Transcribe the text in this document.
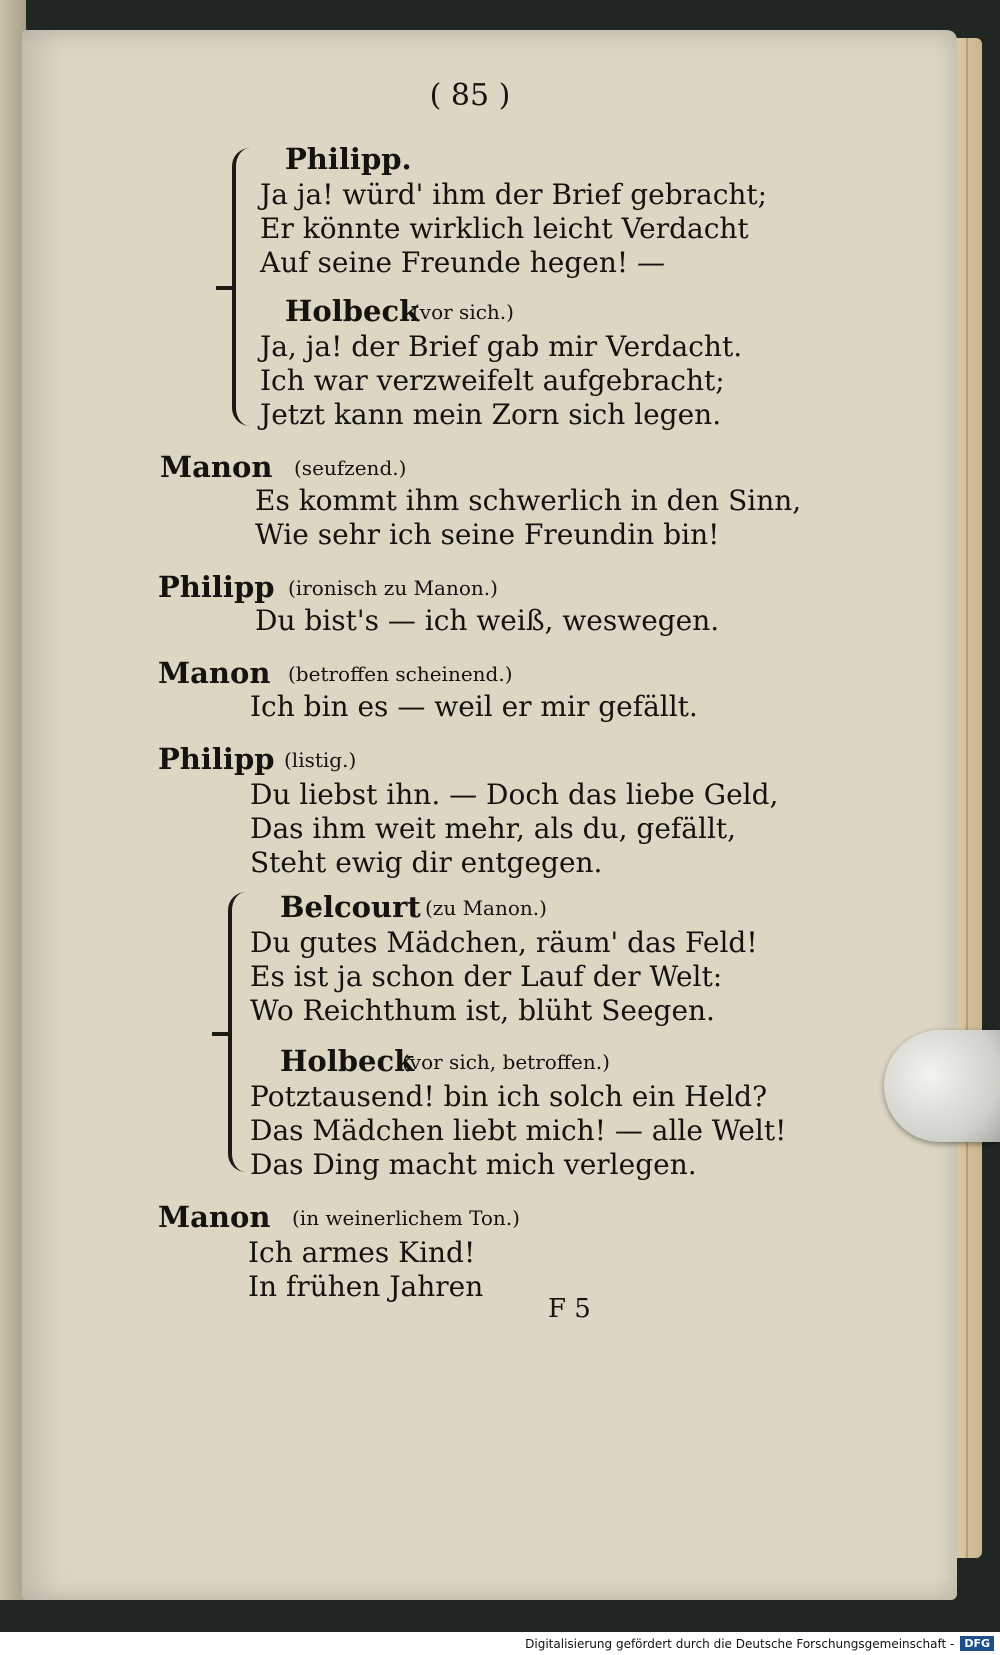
( 85 )
Philipp.
Ja ja! würd' ihm der Brief gebracht;
Er könnte wirklich leicht Verdacht
Auf seine Freunde hegen! —
Holbeck
(vor sich.)
Ja, ja! der Brief gab mir Verdacht.
Ich war verzweifelt aufgebracht;
Jetzt kann mein Zorn sich legen.
Manon (seufzend.)
Es kommt ihm schwerlich in den Sinn,
Wie sehr ich seine Freundin bin!
Philipp (ironisch zu Manon.)
Du bist's — ich weiß, weswegen.
Manon (betroffen scheinend.)
Ich bin es — weil er mir gefällt.
Philipp (listig.)
Du liebst ihn. — Doch das liebe Geld,
Das ihm weit mehr, als du, gefällt,
Steht ewig dir entgegen.
Belcourt (zu Manon.)
Du gutes Mädchen, räum' das Feld!
Es ist ja schon der Lauf der Welt:
Wo Reichthum ist, blüht Seegen.
Holbeck
(vor sich, betroffen.)
Potztausend! bin ich solch ein Held?
Das Mädchen liebt mich! — alle Welt!
Das Ding macht mich verlegen.
Manon (in weinerlichem Ton.)
Ich armes Kind!
In frühen Jahren
F 5
Digitalisierung gefördert durch die Deutsche Forschungsgemeinschaft - DFG
